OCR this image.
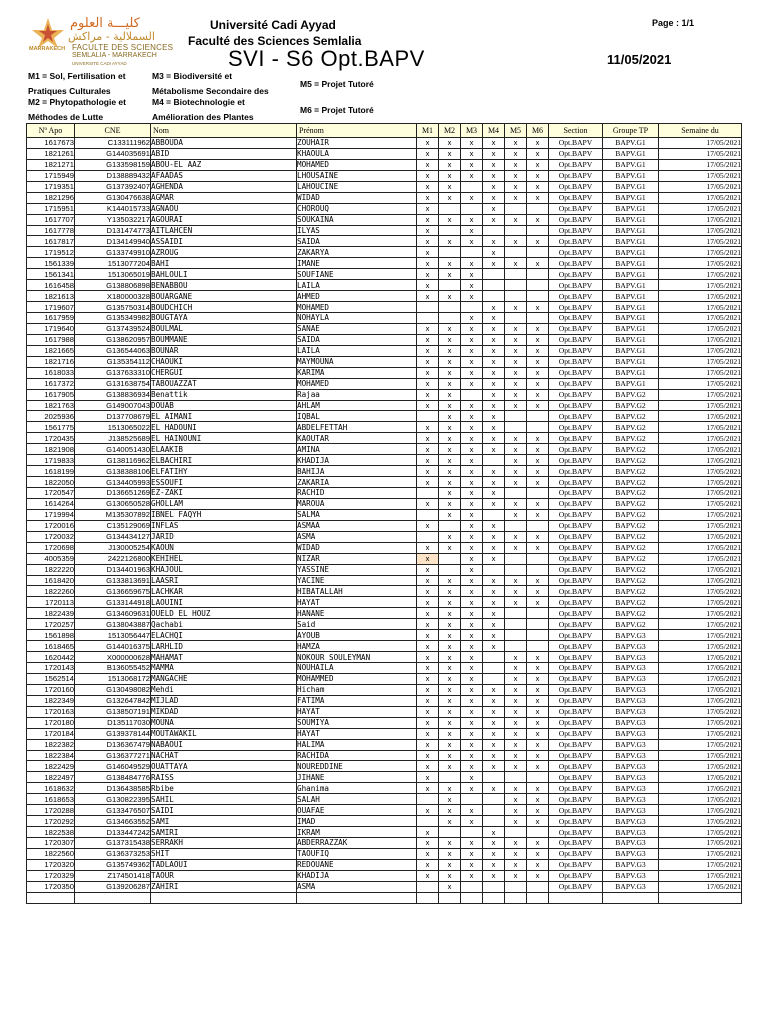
كليـــة العلوم
السملالية - مراكش
FACULTE DES SCIENCES
SEMLALIA - MARRAKECH
UNIVERSITE CADI AYYAD
MARRAKECH
Université Cadi Ayyad
Faculté des Sciences Semlalia
Page : 1/1
SVI - S6 Opt.BAPV	11/05/2021
M1 = Sol, Fertilisation et
Pratiques Culturales
M2 = Phytopathologie et
Méthodes de Lutte
M3 = Biodiversité et
Métabolisme Secondaire des
M4 = Biotechnologie et
Amélioration des Plantes
M5 = Projet Tutoré
M6 = Projet Tutoré
Nº Apo	CNE	Nom	Prénom	M1	M2	M3	M4	M5	M6	Section	Groupe TP	Semaine du
1617673	C133111962	ABBOUDA	ZOUHAIR	x	x	x	x	x	x	Opt.BAPV	BAPV.G1	17/05/2021
1821261	G144035691	ABID	KHAOULA	x	x	x	x	x	x	Opt.BAPV	BAPV.G1	17/05/2021
1821271	G133598159	ABOU-EL AAZ	MOHAMED	x	x	x	x	x	x	Opt.BAPV	BAPV.G1	17/05/2021
1715949	D138889432	AFAADAS	LHOUSAINE	x	x	x	x	x	x	Opt.BAPV	BAPV.G1	17/05/2021
1719351	G137392407	AGHENDA	LAHOUCINE	x	x		x	x	x	Opt.BAPV	BAPV.G1	17/05/2021
1821296	G130476638	AGMAR	WIDAD	x	x	x	x	x	x	Opt.BAPV	BAPV.G1	17/05/2021
1715951	K144015733	AGNAOU	CHOROUQ	x			x			Opt.BAPV	BAPV.G1	17/05/2021
1617707	Y135032217	AGOURAI	SOUKAINA	x	x	x	x	x	x	Opt.BAPV	BAPV.G1	17/05/2021
1617778	D131474773	AITLAHCEN	ILYAS	x		x				Opt.BAPV	BAPV.G1	17/05/2021
1617817	D134149940	ASSAIDI	SAIDA	x	x	x	x	x	x	Opt.BAPV	BAPV.G1	17/05/2021
1719512	G133749910	AZROUG	ZAKARYA	x			x			Opt.BAPV	BAPV.G1	17/05/2021
1561339	1513077204	BAHI	IMANE	x	x	x	x	x	x	Opt.BAPV	BAPV.G1	17/05/2021
1561341	1513065019	BAHLOULI	SOUFIANE	x	x	x				Opt.BAPV	BAPV.G1	17/05/2021
1616458	G138806898	BENABBOU	LAILA	x		x				Opt.BAPV	BAPV.G1	17/05/2021
1821613	X180000328	BOUARGANE	AHMED	x	x	x				Opt.BAPV	BAPV.G1	17/05/2021
1719607	G135750314	BOUDCHICH	MOHAMED				x	x	x	Opt.BAPV	BAPV.G1	17/05/2021
1617959	G135349982	BOUGTAYA	NOHAYLA			x	x			Opt.BAPV	BAPV.G1	17/05/2021
1719640	G137439524	BOULMAL	SANAE	x	x	x	x	x	x	Opt.BAPV	BAPV.G1	17/05/2021
1617988	G138620957	BOUMMANE	SAIDA	x	x	x	x	x	x	Opt.BAPV	BAPV.G1	17/05/2021
1821665	G136544063	BOUNAR	LAILA	x	x	x	x	x	x	Opt.BAPV	BAPV.G1	17/05/2021
1821716	G135354112	CHAOUKI	MAYMOUNA	x	x	x	x	x	x	Opt.BAPV	BAPV.G1	17/05/2021
1618033	G137633310	CHERGUI	KARIMA	x	x	x	x	x	x	Opt.BAPV	BAPV.G1	17/05/2021
1617372	G131638754	TABOUAZZAT	MOHAMED	x	x	x	x	x	x	Opt.BAPV	BAPV.G1	17/05/2021
1617905	G138836934	Benattik	Rajaa	x	x		x	x	x	Opt.BAPV	BAPV.G2	17/05/2021
1821763	G149007043	DOUAB	AHLAM	x	x	x	x	x	x	Opt.BAPV	BAPV.G2	17/05/2021
2025936	D137708679	EL AIMANI	IQBAL		x	x	x			Opt.BAPV	BAPV.G2	17/05/2021
1561775	1513065022	EL HADOUNI	ABDELFETTAH	x	x	x	x			Opt.BAPV	BAPV.G2	17/05/2021
1720435	J138525689	EL HAINOUNI	KAOUTAR	x	x	x	x	x	x	Opt.BAPV	BAPV.G2	17/05/2021
1821908	G140051430	ELAAKIB	AMINA	x	x	x	x	x	x	Opt.BAPV	BAPV.G2	17/05/2021
1719833	G138116962	ELBACHIRI	KHADIJA	x	x	x		x	x	Opt.BAPV	BAPV.G2	17/05/2021
1618199	G138388106	ELFATIHY	BAHIJA	x	x	x	x	x	x	Opt.BAPV	BAPV.G2	17/05/2021
1822050	G134405993	ESSOUFI	ZAKARIA	x	x	x	x	x	x	Opt.BAPV	BAPV.G2	17/05/2021
1720547	D136651269	EZ-ZAKI	RACHID		x	x	x			Opt.BAPV	BAPV.G2	17/05/2021
1614264	G130650528	GHOLLAM	MAROUA	x	x	x	x	x	x	Opt.BAPV	BAPV.G2	17/05/2021
1719994	M135307892	IBNEL FAQYH	SALMA		x	x		x	x	Opt.BAPV	BAPV.G2	17/05/2021
1720016	C135129069	INFLAS	ASMAA	x		x	x			Opt.BAPV	BAPV.G2	17/05/2021
1720032	G134434127	JARID	ASMA		x	x	x	x	x	Opt.BAPV	BAPV.G2	17/05/2021
1720698	J130005254	KAOUN	WIDAD	x	x	x	x	x	x	Opt.BAPV	BAPV.G2	17/05/2021
4005359	2422126800	KEHIHEL	NIZAR	x		x	x			Opt.BAPV	BAPV.G2	17/05/2021
1822220	D134401963	KHAJOUL	YASSINE	x		x				Opt.BAPV	BAPV.G2	17/05/2021
1618420	G133813691	LAASRI	YACINE	x	x	x	x	x	x	Opt.BAPV	BAPV.G2	17/05/2021
1822260	G136659675	LACHKAR	HIBATALLAH	x	x	x	x	x	x	Opt.BAPV	BAPV.G2	17/05/2021
1720113	G133144918	LAOUINI	HAYAT	x	x	x	x	x	x	Opt.BAPV	BAPV.G2	17/05/2021
1822439	G134609631	OUELD EL HOUZ	HANANE	x	x	x	x			Opt.BAPV	BAPV.G2	17/05/2021
1720257	G138043887	Qachabi	Said	x	x	x	x			Opt.BAPV	BAPV.G2	17/05/2021
1561898	1513056447	ELACHQI	AYOUB	x	x	x	x			Opt.BAPV	BAPV.G3	17/05/2021
1618465	G144016375	LARHLID	HAMZA	x	x	x	x			Opt.BAPV	BAPV.G3	17/05/2021
1620442	X000000628	MAHAMAT	NOKOUR SOULEYMAN	x	x	x		x	x	Opt.BAPV	BAPV.G3	17/05/2021
1720143	B136055452	MAMMA	NOUHAILA	x	x	x		x	x	Opt.BAPV	BAPV.G3	17/05/2021
1562514	1513068172	MANGACHE	MOHAMMED	x	x	x		x	x	Opt.BAPV	BAPV.G3	17/05/2021
1720160	G130498082	Mehdi	Hicham	x	x	x	x	x	x	Opt.BAPV	BAPV.G3	17/05/2021
1822349	G132647842	MIJLAD	FATIMA	x	x	x	x	x	x	Opt.BAPV	BAPV.G3	17/05/2021
1720163	G138507191	MIKDAD	HAYAT	x	x	x	x	x	x	Opt.BAPV	BAPV.G3	17/05/2021
1720180	D135117030	MOUNA	SOUMIYA	x	x	x	x	x	x	Opt.BAPV	BAPV.G3	17/05/2021
1720184	G139378144	MOUTAWAKIL	HAYAT	x	x	x	x	x	x	Opt.BAPV	BAPV.G3	17/05/2021
1822382	D136367479	NABAOUI	HALIMA	x	x	x	x	x	x	Opt.BAPV	BAPV.G3	17/05/2021
1822384	G136377271	NACHAT	RACHIDA	x	x	x	x	x	x	Opt.BAPV	BAPV.G3	17/05/2021
1822429	G146049529	OUATTAYA	NOUREDDINE	x	x	x	x	x	x	Opt.BAPV	BAPV.G3	17/05/2021
1822497	G138484776	RAISS	JIHANE	x		x				Opt.BAPV	BAPV.G3	17/05/2021
1618632	D136438585	Rbibe	Ghanima	x	x	x	x	x	x	Opt.BAPV	BAPV.G3	17/05/2021
1618653	G130822395	SAHIL	SALAH		x			x	x	Opt.BAPV	BAPV.G3	17/05/2021
1720288	G133476507	SAIDI	OUAFAE	x	x	x		x	x	Opt.BAPV	BAPV.G3	17/05/2021
1720292	G134663552	SAMI	IMAD		x	x		x	x	Opt.BAPV	BAPV.G3	17/05/2021
1822538	D133447242	SAMIRI	IKRAM	x			x			Opt.BAPV	BAPV.G3	17/05/2021
1720307	G137315438	SERRAKH	ABDERRAZZAK	x	x	x	x	x	x	Opt.BAPV	BAPV.G3	17/05/2021
1822560	G136373253	SHIT	TAOUFIQ	x	x	x	x	x	x	Opt.BAPV	BAPV.G3	17/05/2021
1720320	G135749362	TADLAOUI	REDOUANE	x	x	x	x	x	x	Opt.BAPV	BAPV.G3	17/05/2021
1720329	Z174501418	TAOUR	KHADIJA	x	x	x	x	x	x	Opt.BAPV	BAPV.G3	17/05/2021
1720350	G139206287	ZAHIRI	ASMA		x					Opt.BAPV	BAPV.G3	17/05/2021
